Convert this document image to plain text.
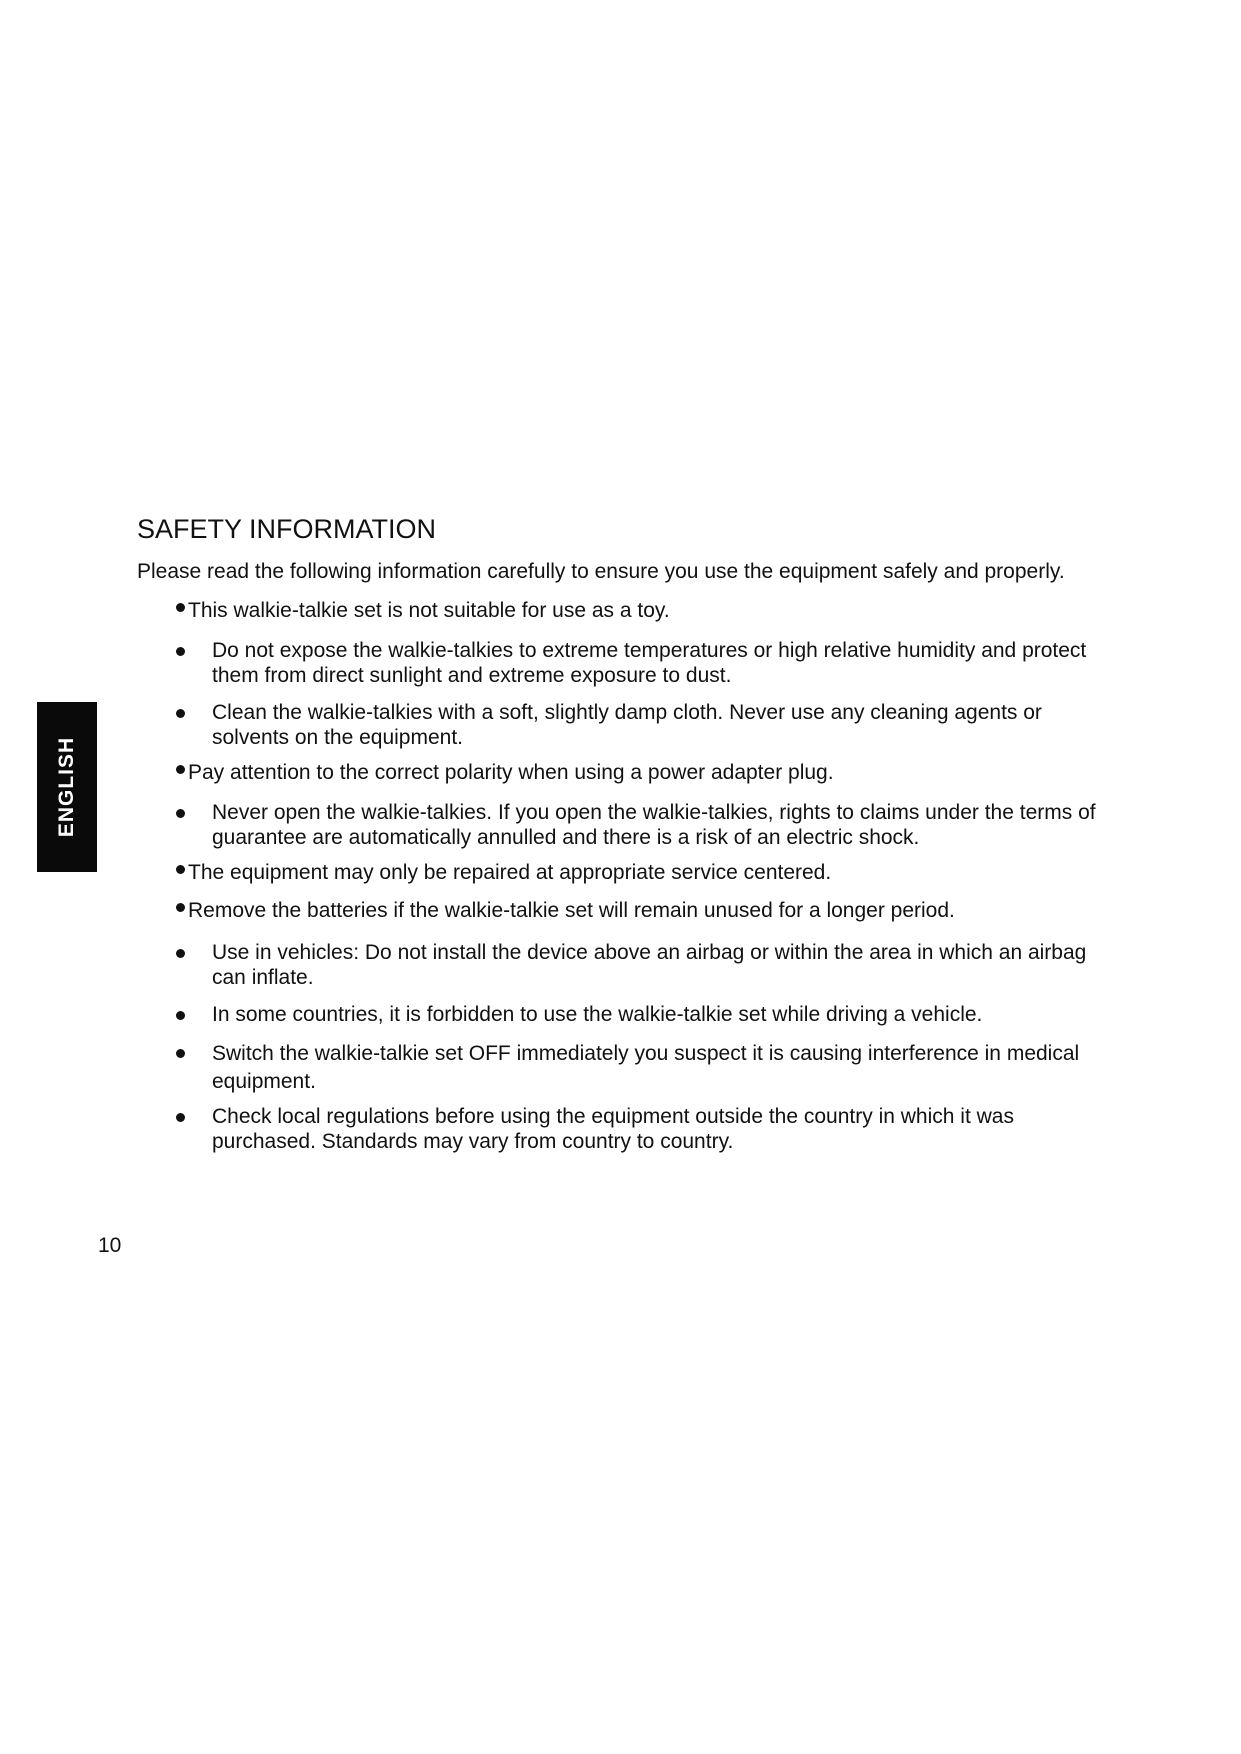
ENGLISH
SAFETY INFORMATION

Please read the following information carefully to ensure you use the equipment safely and properly.

This walkie-talkie set is not suitable for use as a toy.

Do not expose the walkie-talkies to extreme temperatures or high relative humidity and protect them from direct sunlight and extreme exposure to dust.

Clean the walkie-talkies with a soft, slightly damp cloth. Never use any cleaning agents or solvents on the equipment.

Pay attention to the correct polarity when using a power adapter plug.

Never open the walkie-talkies. If you open the walkie-talkies, rights to claims under the terms of guarantee are automatically annulled and there is a risk of an electric shock.

The equipment may only be repaired at appropriate service centered.

Remove the batteries if the walkie-talkie set will remain unused for a longer period.

Use in vehicles: Do not install the device above an airbag or within the area in which an airbag can inflate.

In some countries, it is forbidden to use the walkie-talkie set while driving a vehicle.

Switch the walkie-talkie set OFF immediately you suspect it is causing interference in medical equipment.

Check local regulations before using the equipment outside the country in which it was purchased. Standards may vary from country to country.

10
